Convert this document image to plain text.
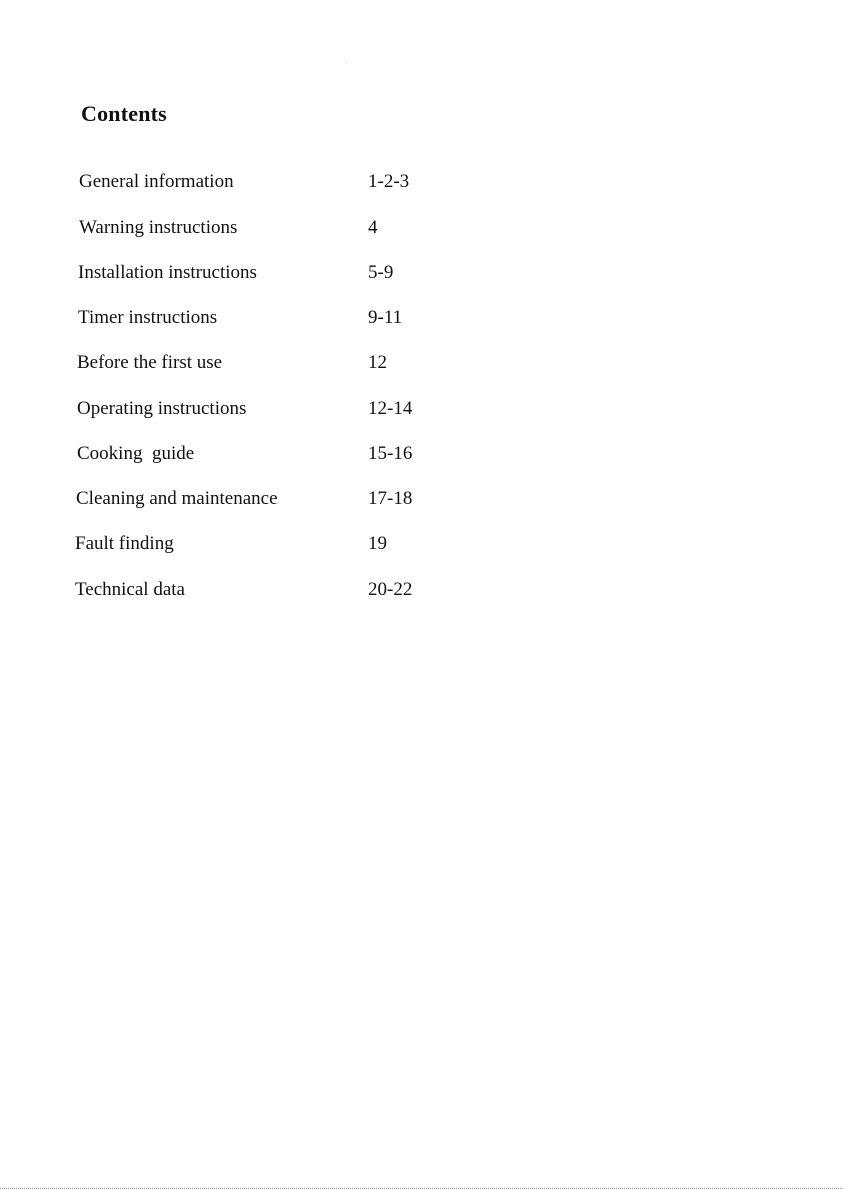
Contents
General information	1-2-3
Warning instructions	4
Installation instructions	5-9
Timer instructions	9-11
Before the first use	12
Operating instructions	12-14
Cooking  guide	15-16
Cleaning and maintenance	17-18
Fault finding	19
Technical data	20-22
